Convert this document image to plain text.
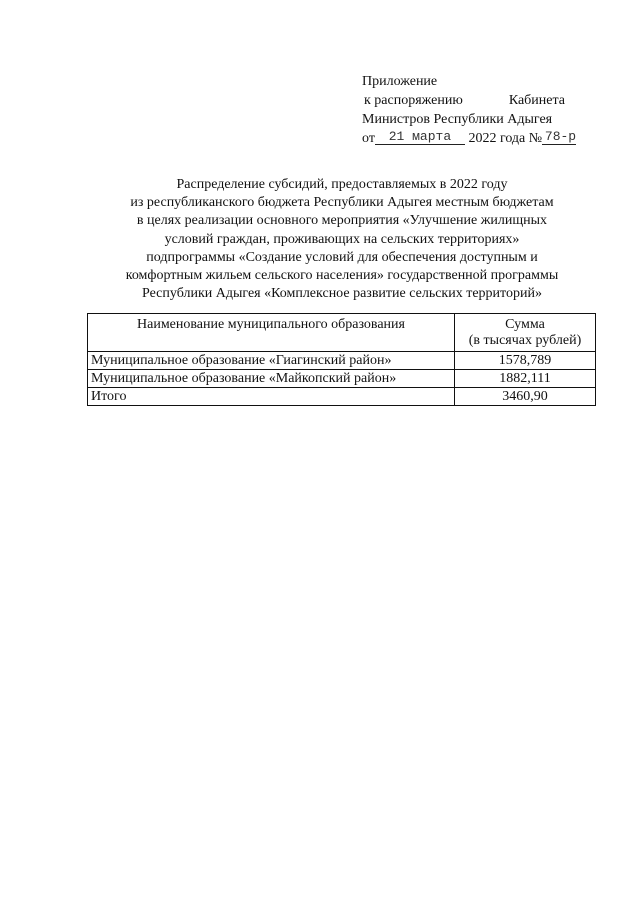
Приложение
к распоряжению	Кабинета
Министров Республики Адыгея
от 21 марта 2022 года № 78-р
Распределение субсидий, предоставляемых в 2022 году
из республиканского бюджета Республики Адыгея местным бюджетам
в целях реализации основного мероприятия «Улучшение жилищных
условий граждан, проживающих на сельских территориях»
подпрограммы «Создание условий для обеспечения доступным и
комфортным жильем сельского населения» государственной программы
Республики Адыгея «Комплексное развитие сельских территорий»
Наименование муниципального образования	Сумма
(в тысячах рублей)

Муниципальное образование «Гиагинский район»	1578,789
Муниципальное образование «Майкопский район»	1882,111
Итого	3460,90
